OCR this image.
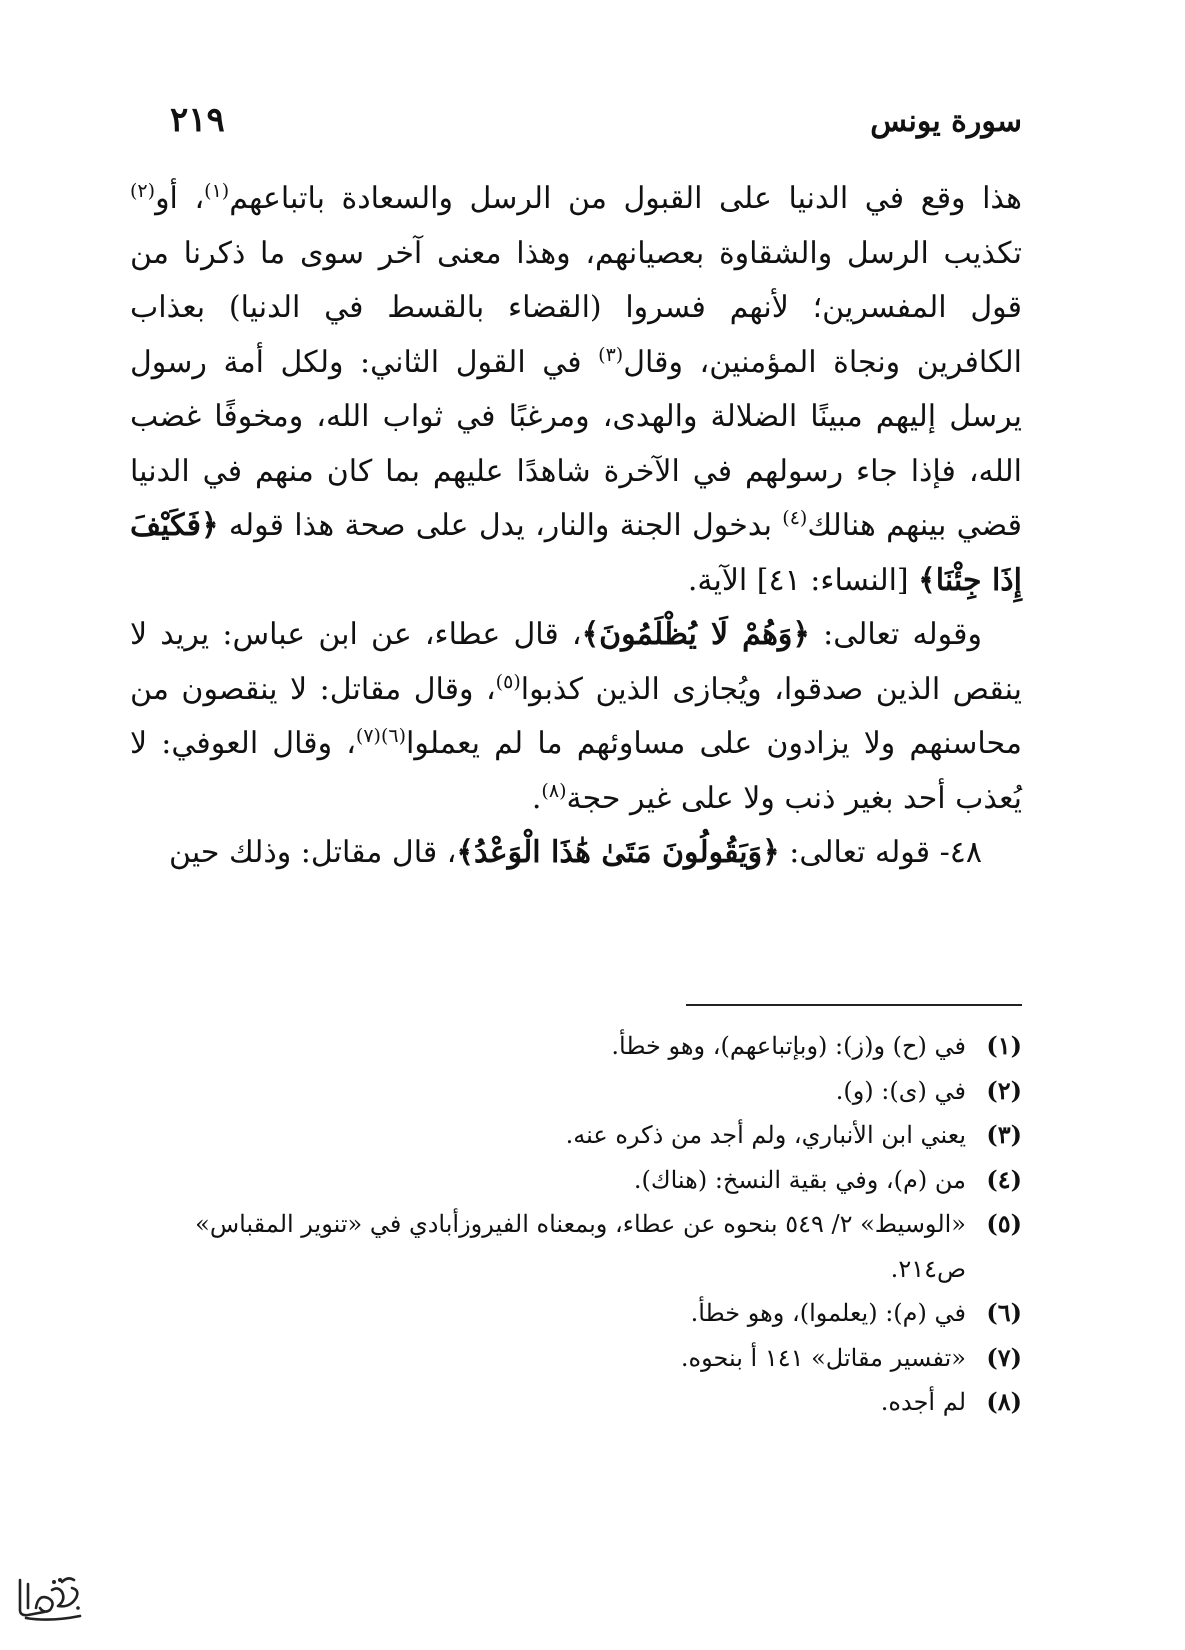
سورة يونس
٢١٩

هذا وقع في الدنيا على القبول من الرسل والسعادة باتباعهم$^{(١)}$، أو$^{(٢)}$ تكذيب الرسل والشقاوة بعصيانهم، وهذا معنى آخر سوى ما ذكرنا من قول المفسرين؛ لأنهم فسروا (القضاء بالقسط في الدنيا) بعذاب الكافرين ونجاة المؤمنين، وقال$^{(٣)}$ في القول الثاني: ولكل أمة رسول يرسل إليهم مبينًا الضلالة والهدى، ومرغبًا في ثواب الله، ومخوفًا غضب الله، فإذا جاء رسولهم في الآخرة شاهدًا عليهم بما كان منهم في الدنيا قضي بينهم هنالك$^{(٤)}$ بدخول الجنة والنار، يدل على صحة هذا قوله ﴿فَكَيْفَ إِذَا جِئْنَا﴾ [النساء: ٤١] الآية.

وقوله تعالى: ﴿وَهُمْ لَا يُظْلَمُونَ﴾، قال عطاء، عن ابن عباس: يريد لا ينقص الذين صدقوا، ويُجازى الذين كذبوا$^{(٥)}$، وقال مقاتل: لا ينقصون من محاسنهم ولا يزادون على مساوئهم ما لم يعملوا$^{(٦)(٧)}$، وقال العوفي: لا يُعذب أحد بغير ذنب ولا على غير حجة$^{(٨)}$.

٤٨- قوله تعالى: ﴿وَيَقُولُونَ مَتَىٰ هَٰذَا الْوَعْدُ﴾، قال مقاتل: وذلك حين

(١)
في (ح) و(ز): (وبإتباعهم)، وهو خطأ.
(٢)
في (ى): (و).
(٣)
يعني ابن الأنباري، ولم أجد من ذكره عنه.
(٤)
من (م)، وفي بقية النسخ: (هناك).
(٥)
«الوسيط» ٢/ ٥٤٩ بنحوه عن عطاء، وبمعناه الفيروزأبادي في «تنوير المقباس» ص٢١٤.
(٦)
في (م): (يعلموا)، وهو خطأ.
(٧)
«تفسير مقاتل» ١٤١ أ بنحوه.
(٨)
لم أجده.
